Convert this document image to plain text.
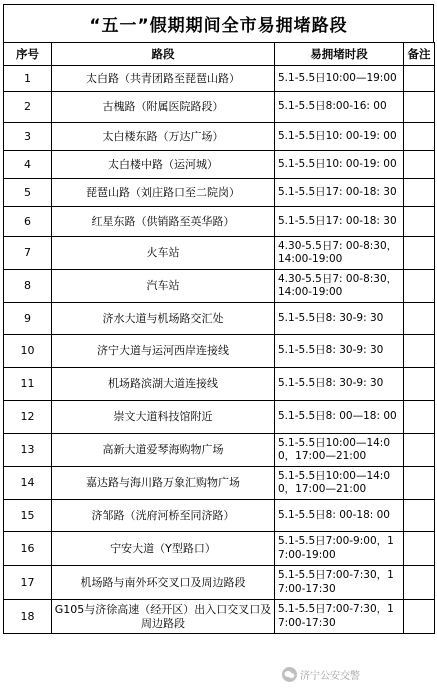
“五一”假期期间全市易拥堵路段
序号	路段	易拥堵时段	备注
1	太白路（共青团路至琵琶山路）	5.1-5.5日10:00—19:00	
2	古槐路（附属医院路段）	5.1-5.5日8:00-16: 00	
3	太白楼东路（万达广场）	5.1-5.5日10: 00-19: 00	
4	太白楼中路（运河城）	5.1-5.5日10: 00-19: 00	
5	琵琶山路（刘庄路口至二院岗）	5.1-5.5日17: 00-18: 30	
6	红星东路（供销路至英华路）	5.1-5.5日17: 00-18: 30	
7	火车站	4.30-5.5日7: 00-8:30，14:00-19:00	
8	汽车站	4.30-5.5日7: 00-8:30，14:00-19:00	
9	济水大道与机场路交汇处	5.1-5.5日8: 30-9: 30	
10	济宁大道与运河西岸连接线	5.1-5.5日8: 30-9: 30	
11	机场路滨湖大道连接线	5.1-5.5日8: 30-9: 30	
12	崇文大道科技馆附近	5.1-5.5日8: 00—18: 00	
13	高新大道爱琴海购物广场	5.1-5.5日10:00—14:00，17:00—21:00	
14	嘉达路与海川路万象汇购物广场	5.1-5.5日10:00—14:00，17:00—21:00	
15	济邹路（洸府河桥至同济路）	5.1-5.5日8: 00-18: 00	
16	宁安大道（Y型路口）	5.1-5.5日7:00-9:00，17:00-19:00	
17	机场路与南外环交叉口及周边路段	5.1-5.5日7:00-7:30，17:00-17:30	
18	G105与济徐高速（经开区）出入口交叉口及周边路段	5.1-5.5日7:00-7:30，17:00-17:30	
济宁公安交警
